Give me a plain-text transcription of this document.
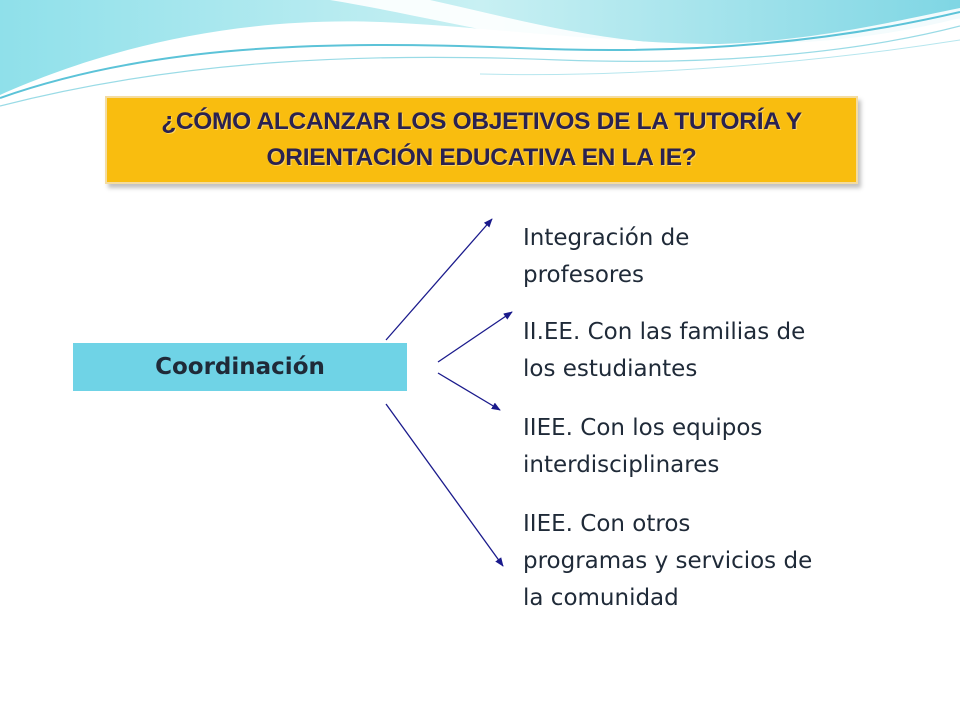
¿CÓMO ALCANZAR LOS OBJETIVOS DE LA TUTORÍA Y
ORIENTACIÓN EDUCATIVA EN LA IE?
Coordinación
Integración de
profesores
II.EE. Con las familias de
los estudiantes
IIEE. Con los equipos
interdisciplinares
IIEE. Con otros
programas y servicios de
la comunidad
